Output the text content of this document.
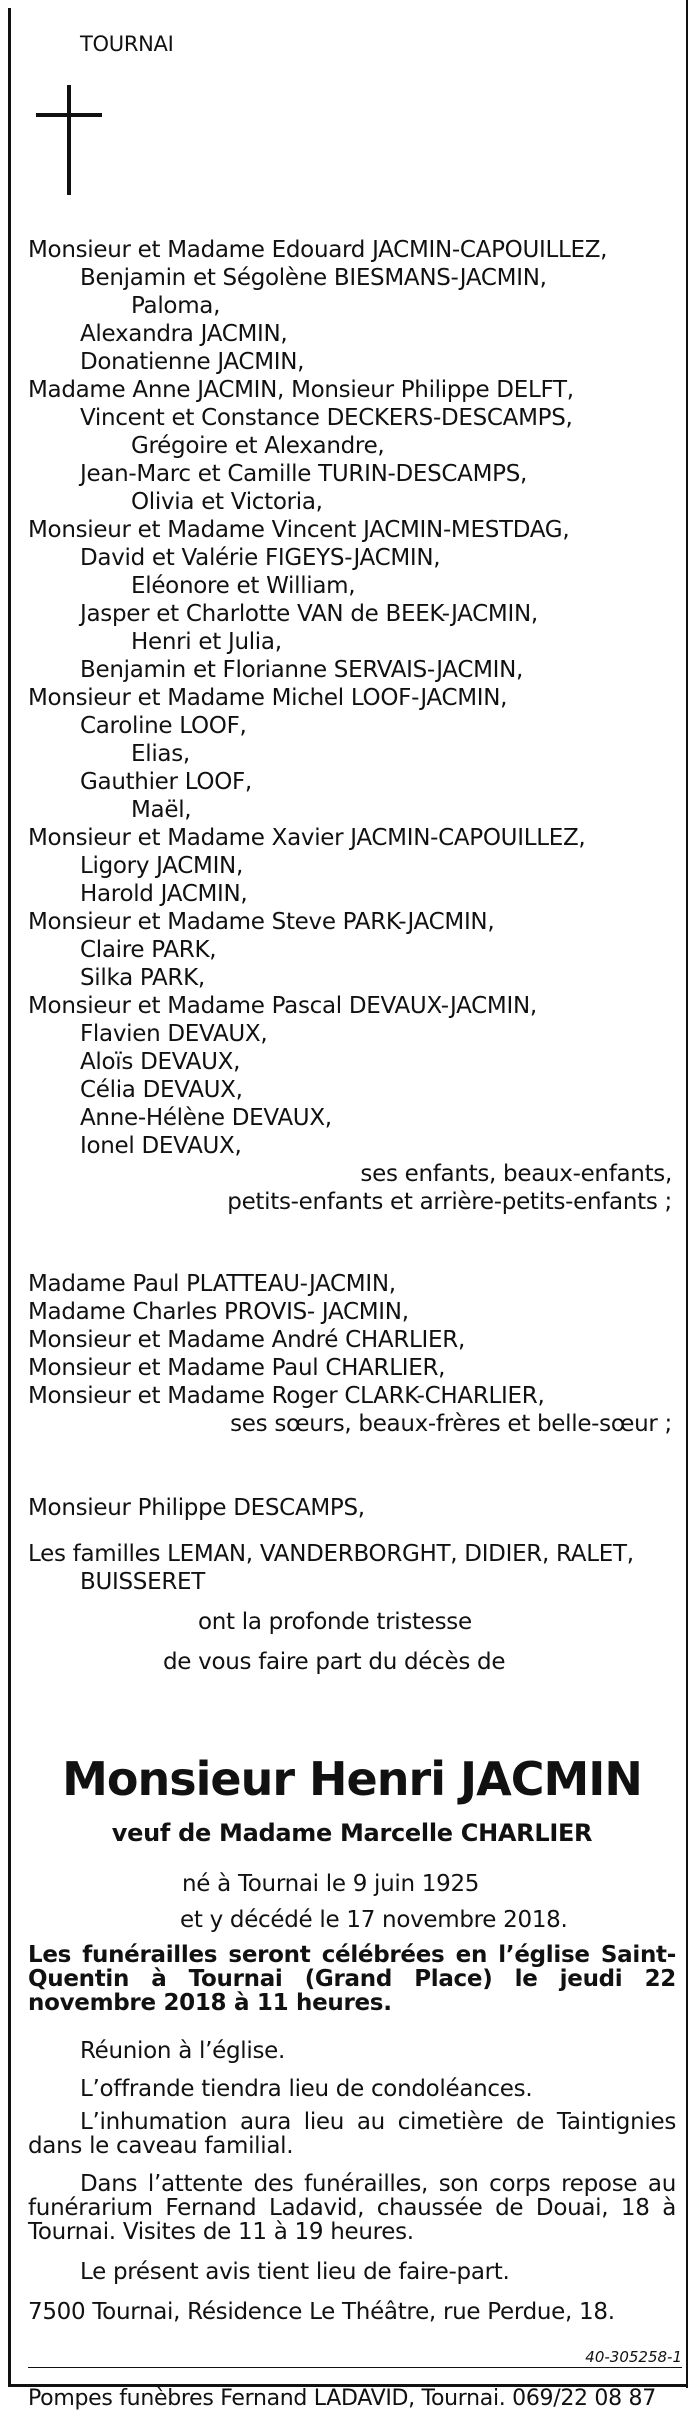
TOURNAI
Monsieur et Madame Edouard JACMIN-CAPOUILLEZ,
Benjamin et Ségolène BIESMANS-JACMIN,
Paloma,
Alexandra JACMIN,
Donatienne JACMIN,
Madame Anne JACMIN, Monsieur Philippe DELFT,
Vincent et Constance DECKERS-DESCAMPS,
Grégoire et Alexandre,
Jean-Marc et Camille TURIN-DESCAMPS,
Olivia et Victoria,
Monsieur et Madame Vincent JACMIN-MESTDAG,
David et Valérie FIGEYS-JACMIN,
Eléonore et William,
Jasper et Charlotte VAN de BEEK-JACMIN,
Henri et Julia,
Benjamin et Florianne SERVAIS-JACMIN,
Monsieur et Madame Michel LOOF-JACMIN,
Caroline LOOF,
Elias,
Gauthier LOOF,
Maël,
Monsieur et Madame Xavier JACMIN-CAPOUILLEZ,
Ligory JACMIN,
Harold JACMIN,
Monsieur et Madame Steve PARK-JACMIN,
Claire PARK,
Silka PARK,
Monsieur et Madame Pascal DEVAUX-JACMIN,
Flavien DEVAUX,
Aloïs DEVAUX,
Célia DEVAUX,
Anne-Hélène DEVAUX,
Ionel DEVAUX,
ses enfants, beaux-enfants,
petits-enfants et arrière-petits-enfants ;
Madame Paul PLATTEAU-JACMIN,
Madame Charles PROVIS- JACMIN,
Monsieur et Madame André CHARLIER,
Monsieur et Madame Paul CHARLIER,
Monsieur et Madame Roger CLARK-CHARLIER,
ses sœurs, beaux-frères et belle-sœur ;
Monsieur Philippe DESCAMPS,
Les familles LEMAN, VANDERBORGHT, DIDIER, RALET,
BUISSERET
ont la profonde tristesse
de vous faire part du décès de
Monsieur Henri JACMIN
veuf de Madame Marcelle CHARLIER
né à Tournai le 9 juin 1925
et y décédé le 17 novembre 2018.
Les funérailles seront célébrées en l’église Saint-Quentin à Tournai (Grand Place) le jeudi 22 novembre 2018 à 11 heures.
Réunion à l’église.
L’offrande tiendra lieu de condoléances.
L’inhumation aura lieu au cimetière de Taintignies dans le caveau familial.
Dans l’attente des funérailles, son corps repose au funérarium Fernand Ladavid, chaussée de Douai, 18 à Tournai. Visites de 11 à 19 heures.
Le présent avis tient lieu de faire-part.
7500 Tournai, Résidence Le Théâtre, rue Perdue, 18.
40-305258-1
Pompes funèbres Fernand LADAVID, Tournai. 069/22 08 87
